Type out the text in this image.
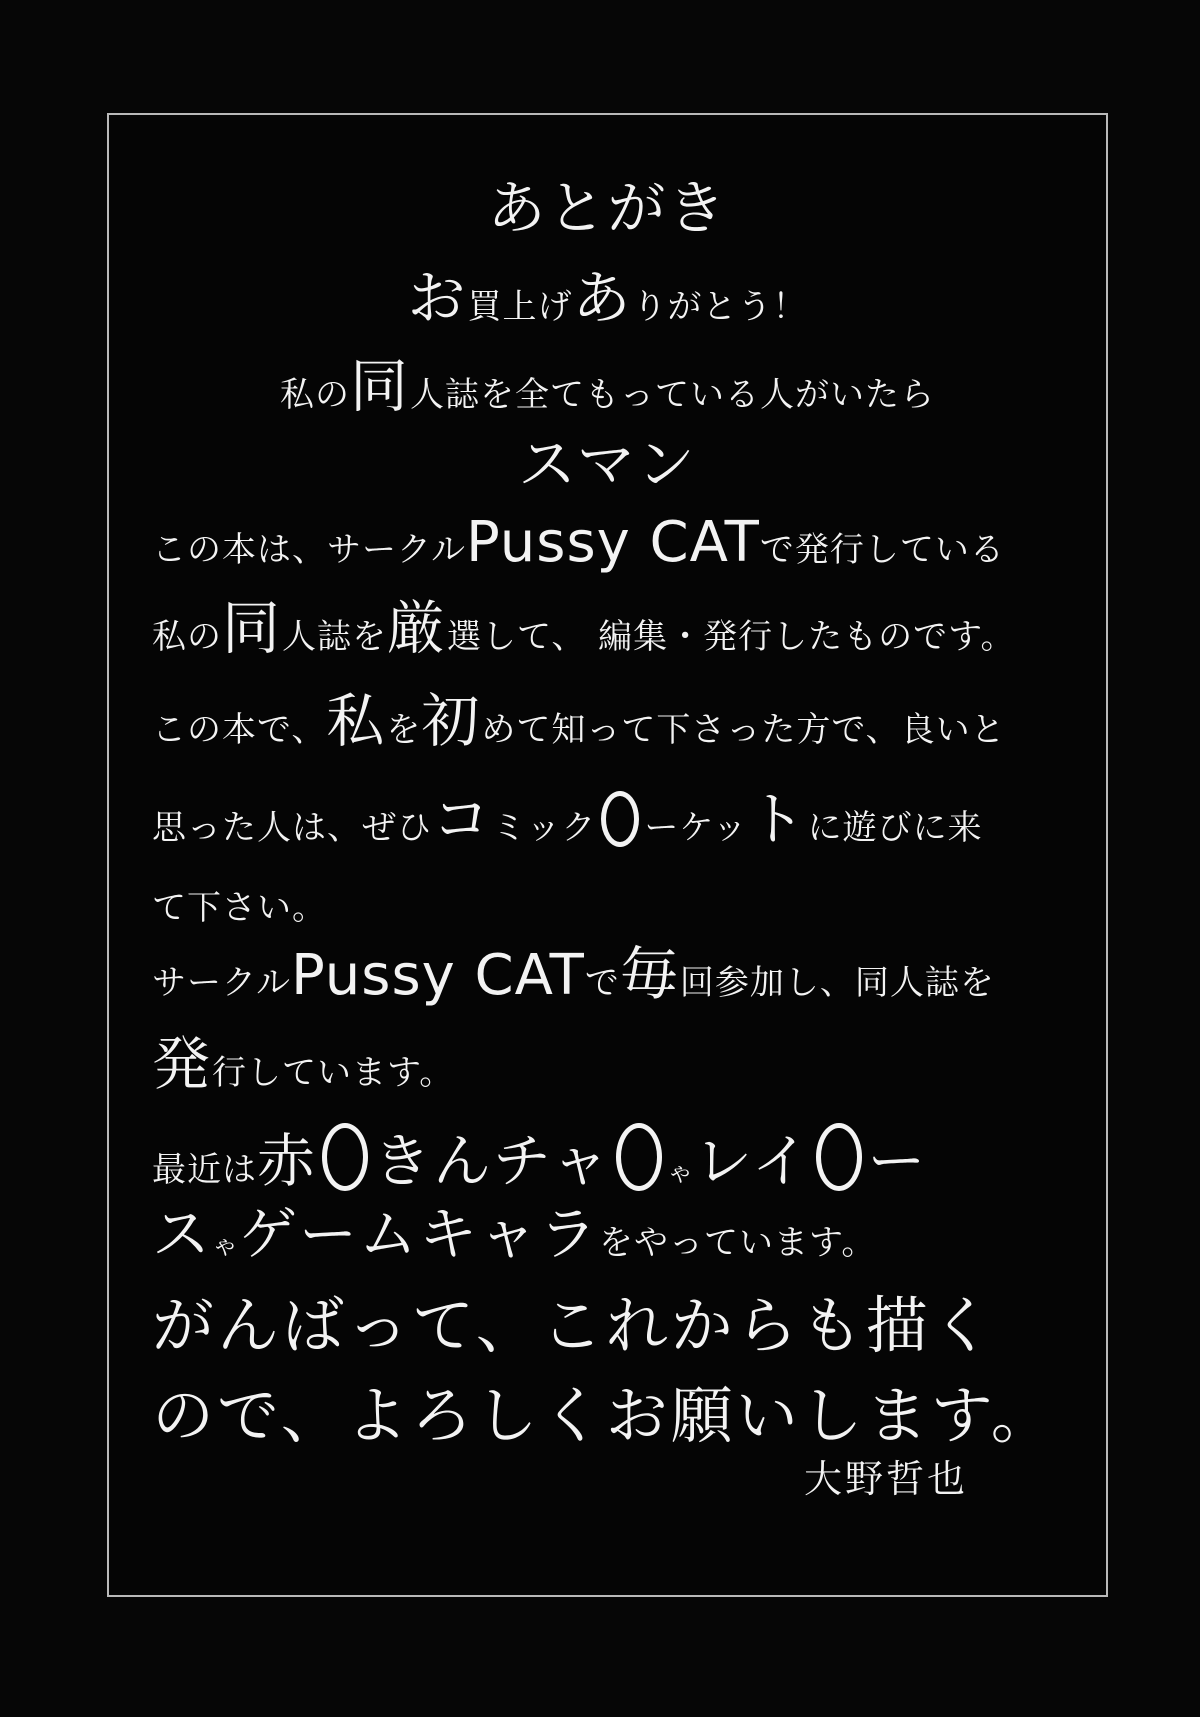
あとがき
お 買上げ あ りがとう！
私の 同 人誌を全てもっている人がいたら
スマン
この本は、サークル Pussy CAT で発行している
私の 同 人誌を 厳 選して、 編集・発行したものです。
この本で、 私 を 初 めて知って下さった方で、良いと
思った人は、ぜひ コ ミック ーケッ ト に遊びに来
て下さい。
サークル Pussy CAT で 毎 回参加し、同人誌を
発 行しています。
最近は 赤 きんチャ ゃ レイ ー
ス ゃ ゲームキャラ をやっています。
がんばって、これからも描く
ので、よろしくお願いします。
大野哲也
